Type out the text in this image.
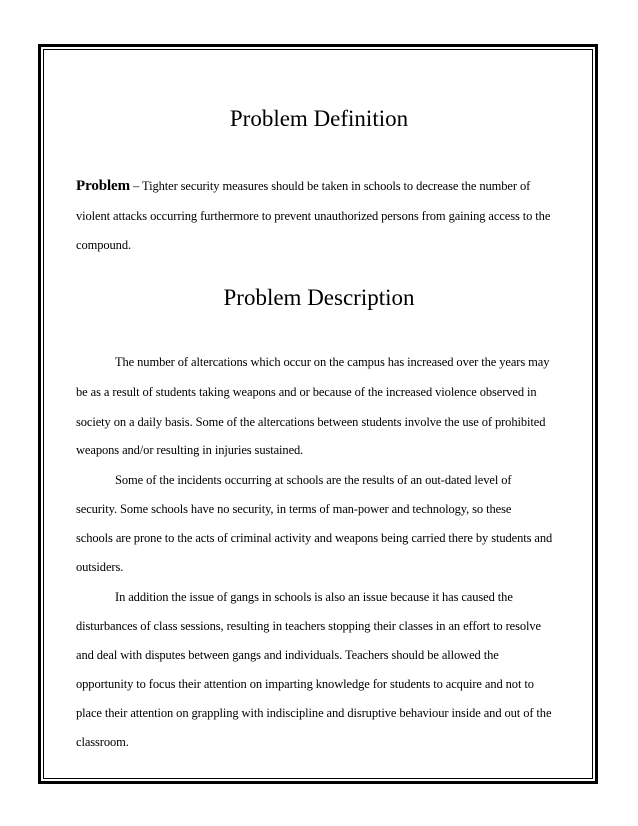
Problem Definition
Problem – Tighter security measures should be taken in schools to decrease the number of
violent attacks occurring furthermore to prevent unauthorized persons from gaining access to the
compound.
Problem Description
The number of altercations which occur on the campus has increased over the years may
be as a result of students taking weapons and or because of the increased violence observed in
society on a daily basis. Some of the altercations between students involve the use of prohibited
weapons and/or resulting in injuries sustained.
Some of the incidents occurring at schools are the results of an out-dated level of
security. Some schools have no security, in terms of man-power and technology, so these
schools are prone to the acts of criminal activity and weapons being carried there by students and
outsiders.
In addition the issue of gangs in schools is also an issue because it has caused the
disturbances of class sessions, resulting in teachers stopping their classes in an effort to resolve
and deal with disputes between gangs and individuals. Teachers should be allowed the
opportunity to focus their attention on imparting knowledge for students to acquire and not to
place their attention on grappling with indiscipline and disruptive behaviour inside and out of the
classroom.
